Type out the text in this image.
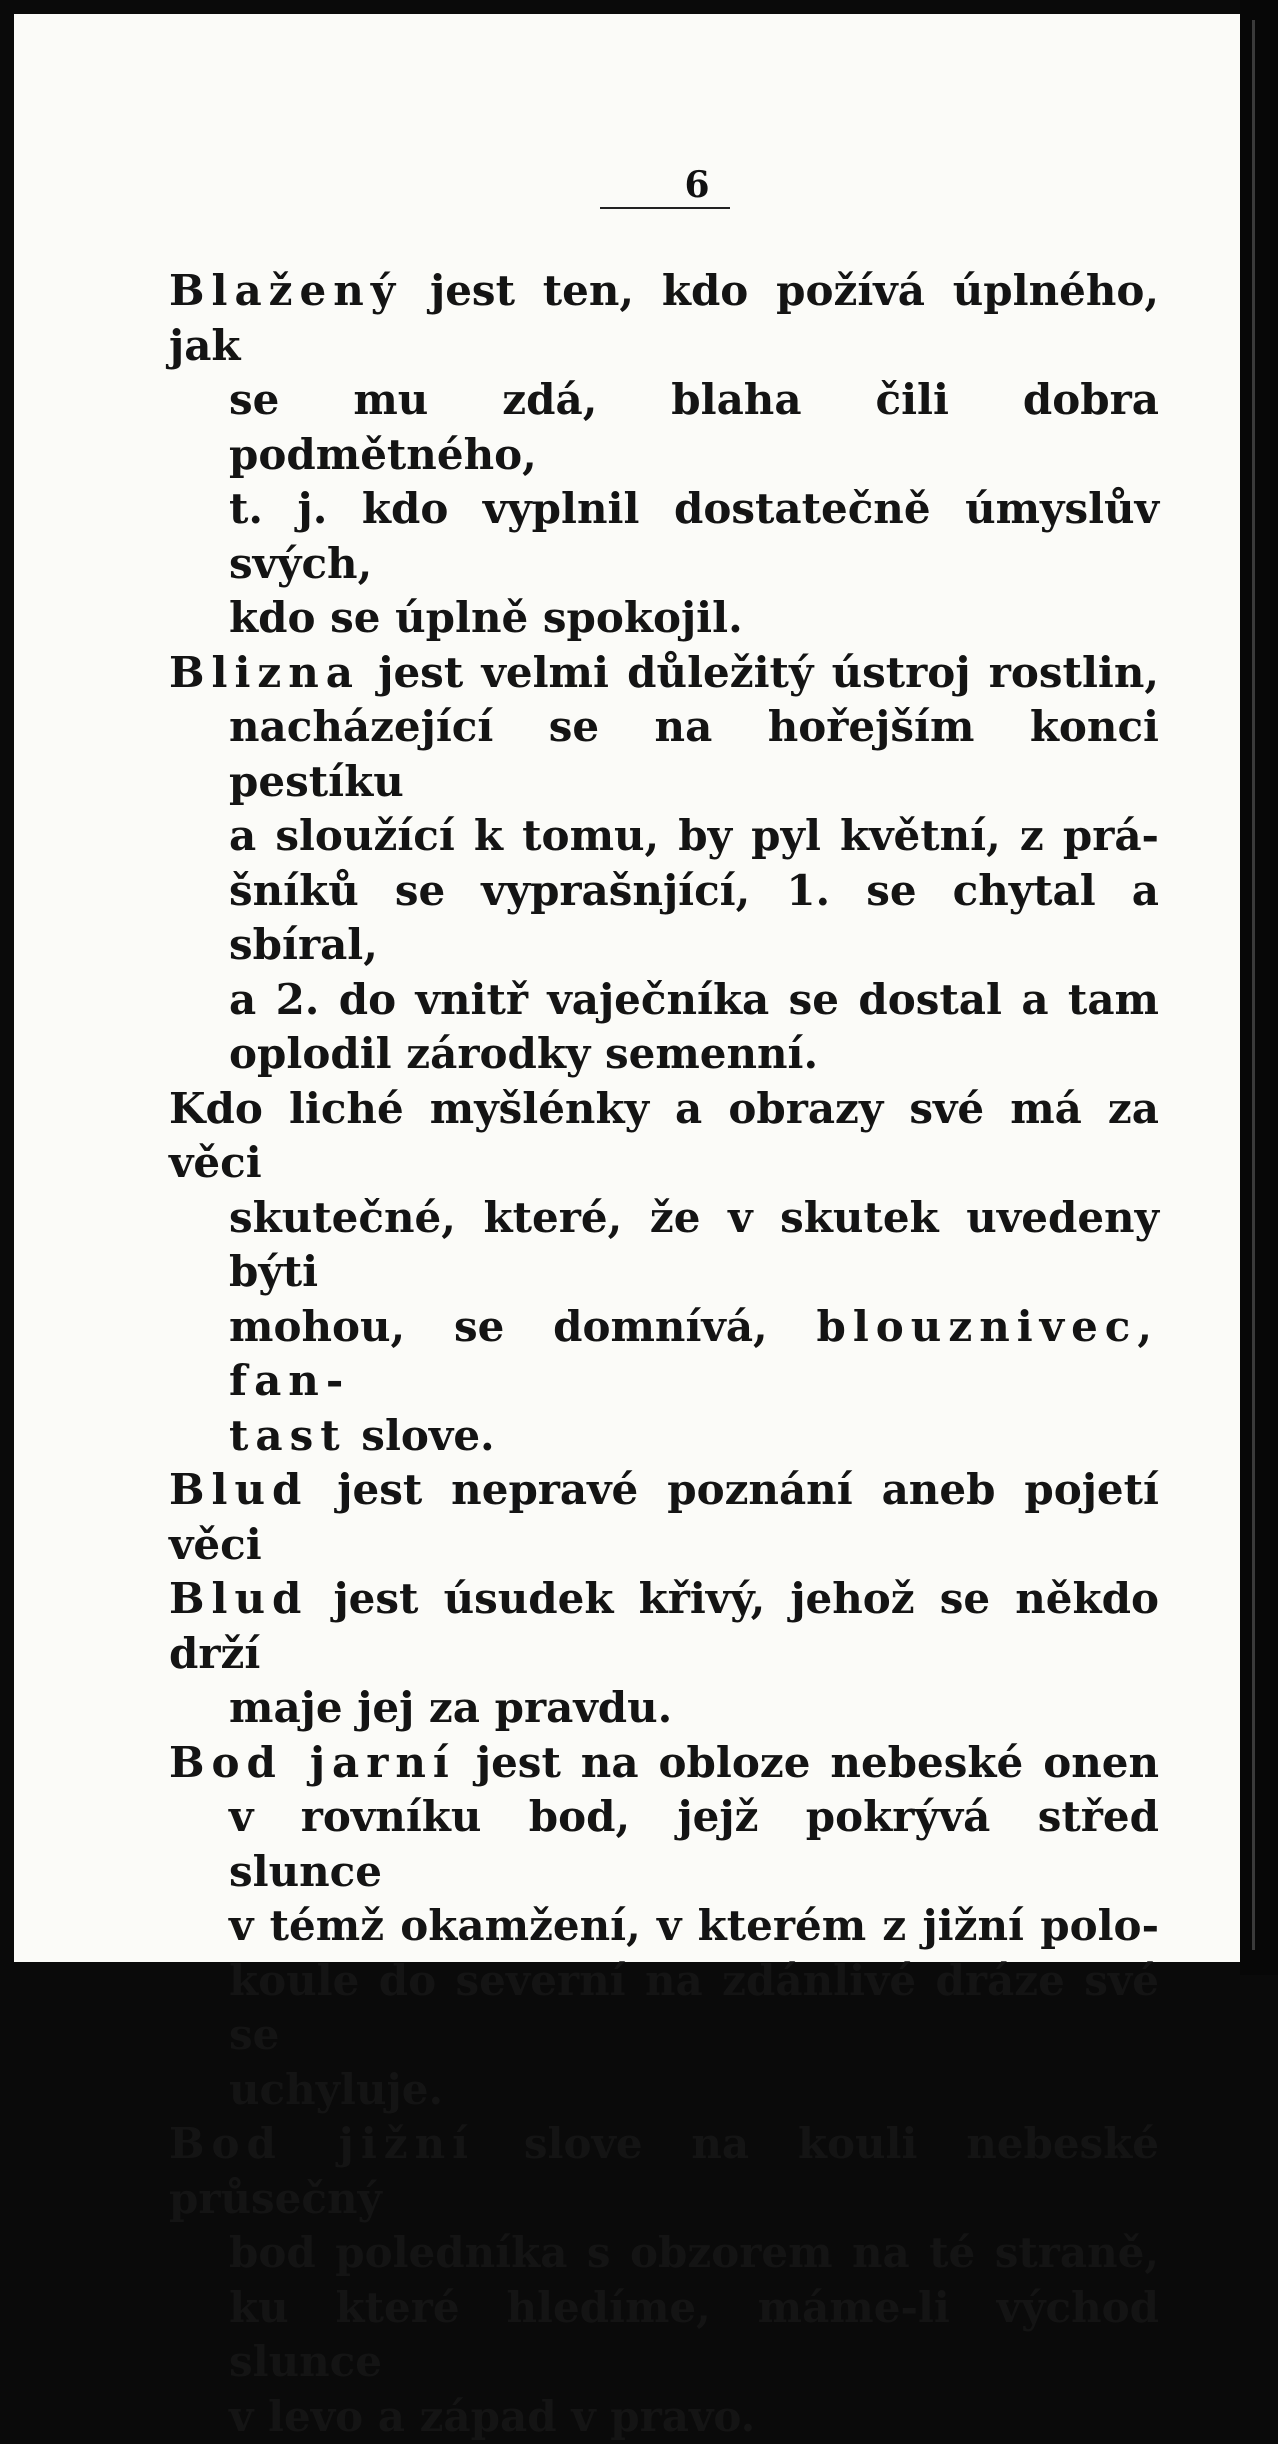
6
Blažený jest ten, kdo požívá úplného, jak
se mu zdá, blaha čili dobra podmětného,
t. j. kdo vyplnil dostatečně úmyslův svých,
kdo se úplně spokojil.
Blizna jest velmi důležitý ústroj rostlin,
nacházející se na hořejším konci pestíku
a sloužící k tomu, by pyl květní, z prá-
šníků se vyprašnjící, 1. se chytal a sbíral,
a 2. do vnitř vaječníka se dostal a tam
oplodil zárodky semenní.
Kdo liché myšlénky a obrazy své má za věci
skutečné, které, že v skutek uvedeny býti
mohou, se domnívá, blouznivec, fan-
tast slove.
Blud jest nepravé poznání aneb pojetí věci
Blud jest úsudek křivý, jehož se někdo drží
maje jej za pravdu.
Bod jarní jest na obloze nebeské onen
v rovníku bod, jejž pokrývá střed slunce
v témž okamžení, v kterém z jižní polo-
koule do severní na zdánlivé dráze své se
uchyluje.
Bod jižní slove na kouli nebeské průsečný
bod poledníka s obzorem na té straně,
ku které hledíme, máme-li východ slunce
v levo a západ v pravo.
